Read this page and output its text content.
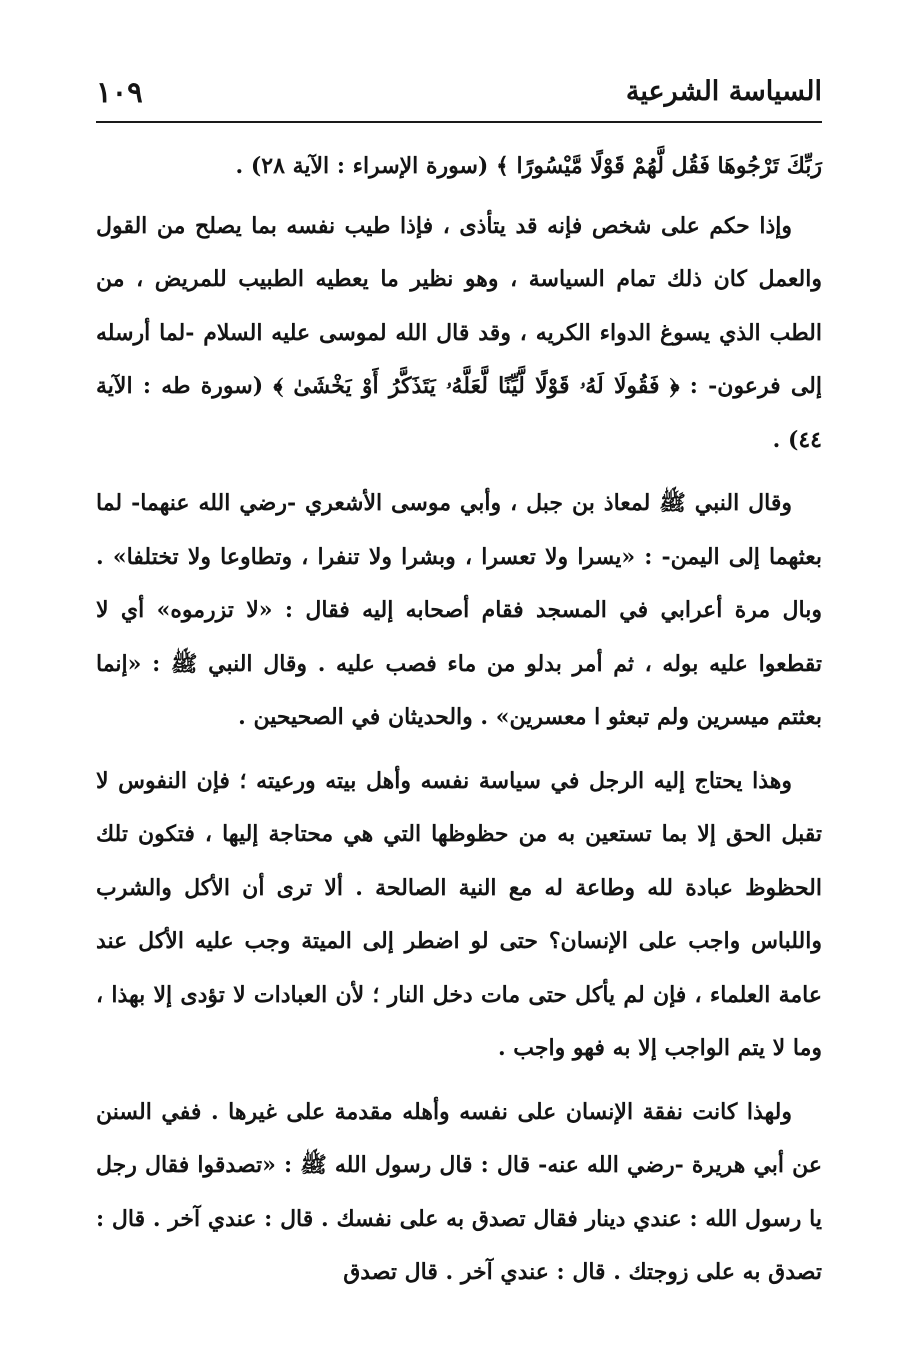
السياسة الشرعية
١٠٩

رَبِّكَ تَرْجُوهَا فَقُل لَّهُمْ قَوْلًا مَّيْسُورًا ﴾ (سورة الإسراء : الآية ٢٨) .

وإذا حكم على شخص فإنه قد يتأذى ، فإذا طيب نفسه بما يصلح من القول والعمل كان ذلك تمام السياسة ، وهو نظير ما يعطيه الطبيب للمريض ، من الطب الذي يسوغ الدواء الكريه ، وقد قال الله لموسى عليه السلام -لما أرسله إلى فرعون- : ﴿ فَقُولَا لَهُۥ قَوْلًا لَّيِّنًا لَّعَلَّهُۥ يَتَذَكَّرُ أَوْ يَخْشَىٰ ﴾ (سورة طه : الآية ٤٤) .

وقال النبي ﷺ لمعاذ بن جبل ، وأبي موسى الأشعري -رضي الله عنهما- لما بعثهما إلى اليمن- : «يسرا ولا تعسرا ، وبشرا ولا تنفرا ، وتطاوعا ولا تختلفا» . وبال مرة أعرابي في المسجد فقام أصحابه إليه فقال : «لا تزرموه» أي لا تقطعوا عليه بوله ، ثم أمر بدلو من ماء فصب عليه . وقال النبي ﷺ : «إنما بعثتم ميسرين ولم تبعثو ا معسرين» . والحديثان في الصحيحين .

وهذا يحتاج إليه الرجل في سياسة نفسه وأهل بيته ورعيته ؛ فإن النفوس لا تقبل الحق إلا بما تستعين به من حظوظها التي هي محتاجة إليها ، فتكون تلك الحظوظ عبادة لله وطاعة له مع النية الصالحة . ألا ترى أن الأكل والشرب واللباس واجب على الإنسان؟ حتى لو اضطر إلى الميتة وجب عليه الأكل عند عامة العلماء ، فإن لم يأكل حتى مات دخل النار ؛ لأن العبادات لا تؤدى إلا بهذا ، وما لا يتم الواجب إلا به فهو واجب .

ولهذا كانت نفقة الإنسان على نفسه وأهله مقدمة على غيرها . ففي السنن عن أبي هريرة -رضي الله عنه- قال : قال رسول الله ﷺ : «تصدقوا فقال رجل يا رسول الله : عندي دينار فقال تصدق به على نفسك . قال : عندي آخر . قال : تصدق به على زوجتك . قال : عندي آخر . قال تصدق
